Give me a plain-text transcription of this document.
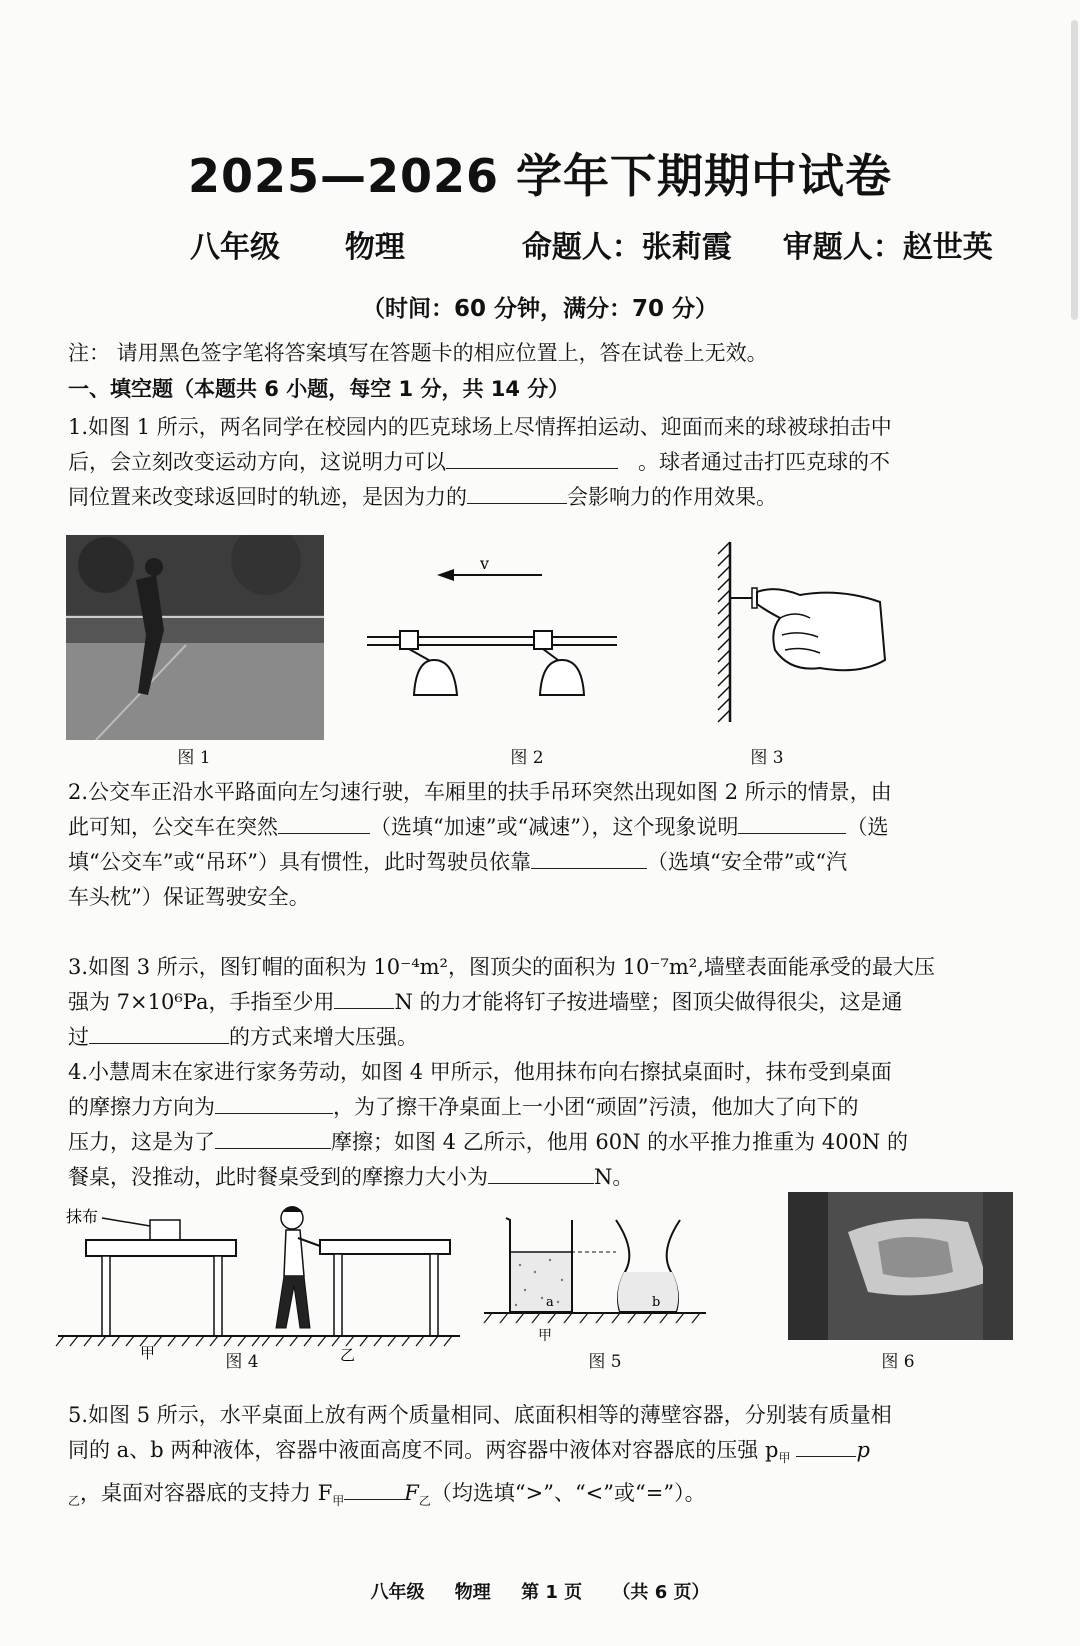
2025—2026 学年下期期中试卷
八年级 物理	命题人：张莉霞 审题人：赵世英
（时间：60 分钟，满分：70 分）
注： 请用黑色签字笔将答案填写在答题卡的相应位置上，答在试卷上无效。
一、填空题（本题共 6 小题，每空 1 分，共 14 分）
1.如图 1 所示，两名同学在校园内的匹克球场上尽情挥拍运动、迎面而来的球被球拍击中
后，会立刻改变运动方向，这说明力可以	。球者通过击打匹克球的不
同位置来改变球返回时的轨迹，是因为力的	会影响力的作用效果。
v
图 1	图 2	图 3
2.公交车正沿水平路面向左匀速行驶，车厢里的扶手吊环突然出现如图 2 所示的情景，由
此可知，公交车在突然	（选填“加速”或“减速”），这个现象说明	（选
填“公交车”或“吊环”）具有惯性，此时驾驶员依靠	（选填“安全带”或“汽
车头枕”）保证驾驶安全。
3.如图 3 所示，图钉帽的面积为 10⁻⁴m²，图顶尖的面积为 10⁻⁷m²,墙壁表面能承受的最大压
强为 7×10⁶Pa，手指至少用	N 的力才能将钉子按进墙壁；图顶尖做得很尖，这是通
过	的方式来增大压强。
4.小慧周末在家进行家务劳动，如图 4 甲所示，他用抹布向右擦拭桌面时，抹布受到桌面
的摩擦力方向为	，为了擦干净桌面上一小团“顽固”污渍，他加大了向下的
压力，这是为了	摩擦；如图 4 乙所示，他用 60N 的水平推力推重为 400N 的
餐桌，没推动，此时餐桌受到的摩擦力大小为	N。
抹布
甲	乙
a	b
甲
图 4	图 5	图 6
5.如图 5 所示，水平桌面上放有两个质量相同、底面积相等的薄壁容器，分别装有质量相
同的 a、b 两种液体，容器中液面高度不同。两容器中液体对容器底的压强 $p_甲$	p
$_乙$，桌面对容器底的支持力 $F_甲$	$F_乙$（均选填“>”、“<”或“=”）。
八年级 物理 第 1 页 （共 6 页）
